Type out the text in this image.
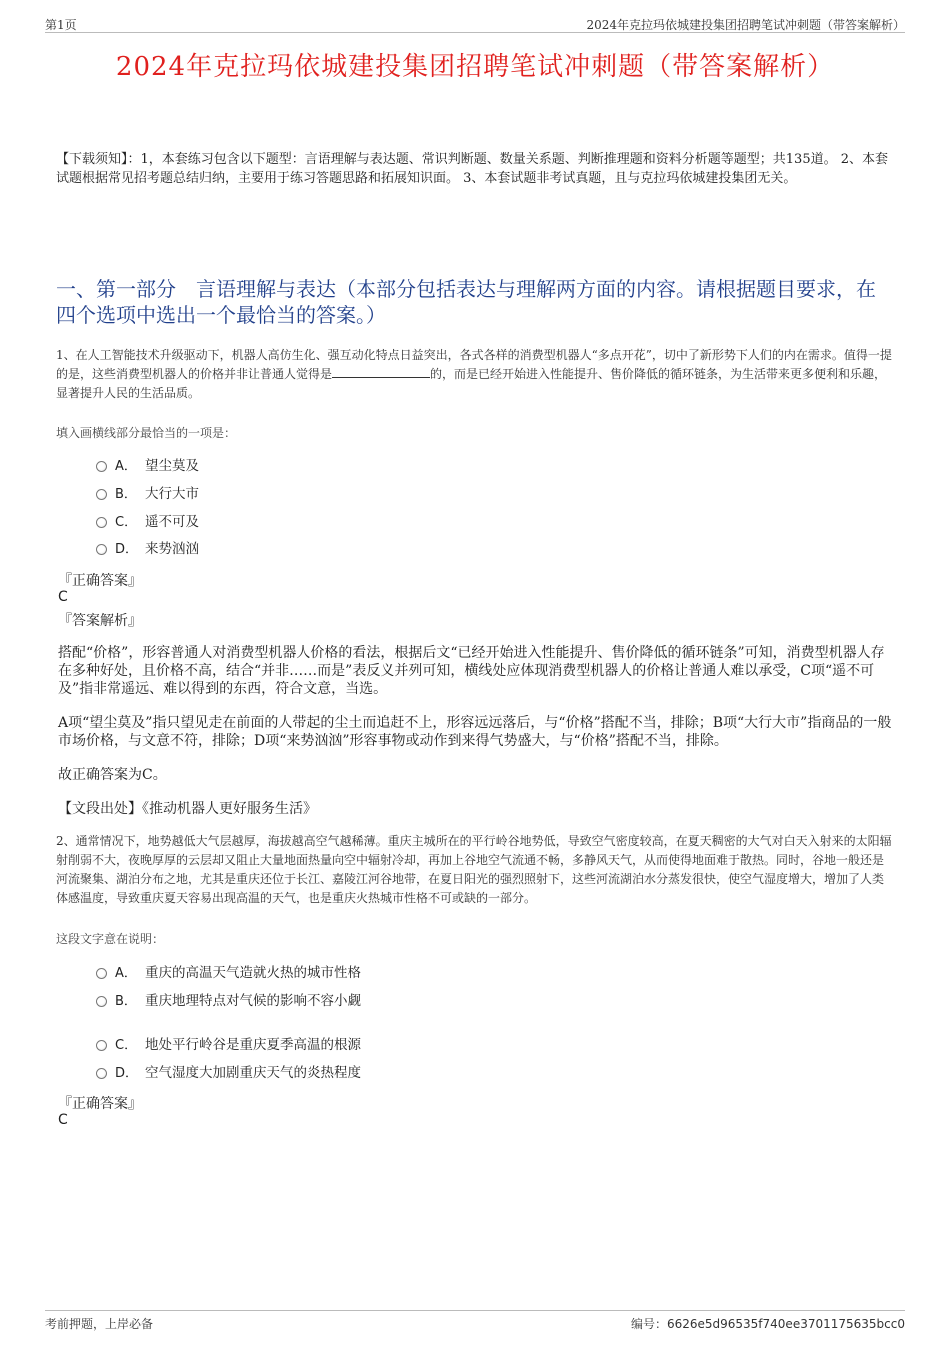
第1页	2024年克拉玛依城建投集团招聘笔试冲刺题（带答案解析）
2024年克拉玛依城建投集团招聘笔试冲刺题（带答案解析）
【下载须知】：1，本套练习包含以下题型：言语理解与表达题、常识判断题、数量关系题、判断推理题和资料分析题等题型；共135道。 2、本套试题根据常见招考题总结归纳，主要用于练习答题思路和拓展知识面。 3、本套试题非考试真题，且与克拉玛依城建投集团无关。
一、第一部分　言语理解与表达（本部分包括表达与理解两方面的内容。请根据题目要求，在四个选项中选出一个最恰当的答案。）
1、在人工智能技术升级驱动下，机器人高仿生化、强互动化特点日益突出，各式各样的消费型机器人“多点开花”，切中了新形势下人们的内在需求。值得一提的是，这些消费型机器人的价格并非让普通人觉得是	的，而是已经开始进入性能提升、售价降低的循环链条，为生活带来更多便利和乐趣，显著提升人民的生活品质。
填入画横线部分最恰当的一项是：
A． 望尘莫及
B． 大行大市
C． 遥不可及
D． 来势汹汹
『正确答案』
C
『答案解析』
搭配“价格”，形容普通人对消费型机器人价格的看法，根据后文“已经开始进入性能提升、售价降低的循环链条”可知，消费型机器人存在多种好处，且价格不高，结合“并非……而是”表反义并列可知，横线处应体现消费型机器人的价格让普通人难以承受，C项“遥不可及”指非常遥远、难以得到的东西，符合文意，当选。
A项“望尘莫及”指只望见走在前面的人带起的尘土而追赶不上，形容远远落后，与“价格”搭配不当，排除；B项“大行大市”指商品的一般市场价格，与文意不符，排除；D项“来势汹汹”形容事物或动作到来得气势盛大，与“价格”搭配不当，排除。
故正确答案为C。
【文段出处】《推动机器人更好服务生活》
2、通常情况下，地势越低大气层越厚，海拔越高空气越稀薄。重庆主城所在的平行岭谷地势低，导致空气密度较高，在夏天稠密的大气对白天入射来的太阳辐射削弱不大，夜晚厚厚的云层却又阻止大量地面热量向空中辐射冷却，再加上谷地空气流通不畅，多静风天气，从而使得地面难于散热。同时，谷地一般还是河流聚集、湖泊分布之地，尤其是重庆还位于长江、嘉陵江河谷地带，在夏日阳光的强烈照射下，这些河流湖泊水分蒸发很快，使空气湿度增大，增加了人类体感温度，导致重庆夏天容易出现高温的天气，也是重庆火热城市性格不可或缺的一部分。
这段文字意在说明：
A． 重庆的高温天气造就火热的城市性格
B． 重庆地理特点对气候的影响不容小觑
C． 地处平行岭谷是重庆夏季高温的根源
D． 空气湿度大加剧重庆天气的炎热程度
『正确答案』
C
考前押题，上岸必备	编号：6626e5d96535f740ee3701175635bcc0
